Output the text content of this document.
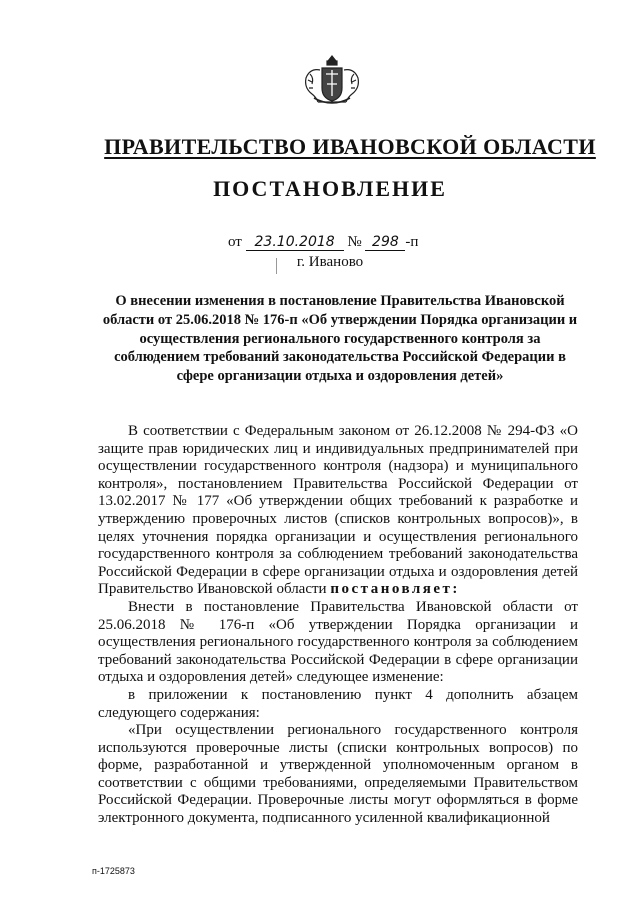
ПРАВИТЕЛЬСТВО ИВАНОВСКОЙ ОБЛАСТИ
ПОСТАНОВЛЕНИЕ
от 23.10.2018 № 298 -п
г. Иваново
О внесении изменения в постановление Правительства Ивановской области от 25.06.2018 № 176-п «Об утверждении Порядка организации и осуществления регионального государственного контроля за соблюдением требований законодательства Российской Федерации в сфере организации отдыха и оздоровления детей»

В соответствии с Федеральным законом от 26.12.2008 № 294-ФЗ «О защите прав юридических лиц и индивидуальных предпринимателей при осуществлении государственного контроля (надзора) и муниципального контроля», постановлением Правительства Российской Федерации от 13.02.2017 № 177 «Об утверждении общих требований к разработке и утверждению проверочных листов (списков контрольных вопросов)», в целях уточнения порядка организации и осуществления регионального государственного контроля за соблюдением требований законодательства Российской Федерации в сфере организации отдыха и оздоровления детей Правительство Ивановской области постановляет:

Внести в постановление Правительства Ивановской области от 25.06.2018 № 176-п «Об утверждении Порядка организации и осуществления регионального государственного контроля за соблюдением требований законодательства Российской Федерации в сфере организации отдыха и оздоровления детей» следующее изменение:

в приложении к постановлению пункт 4 дополнить абзацем следующего содержания:

«При осуществлении регионального государственного контроля используются проверочные листы (списки контрольных вопросов) по форме, разработанной и утвержденной уполномоченным органом в соответствии с общими требованиями, определяемыми Правительством Российской Федерации. Проверочные листы могут оформляться в форме электронного документа, подписанного усиленной квалификационной

п-1725873
